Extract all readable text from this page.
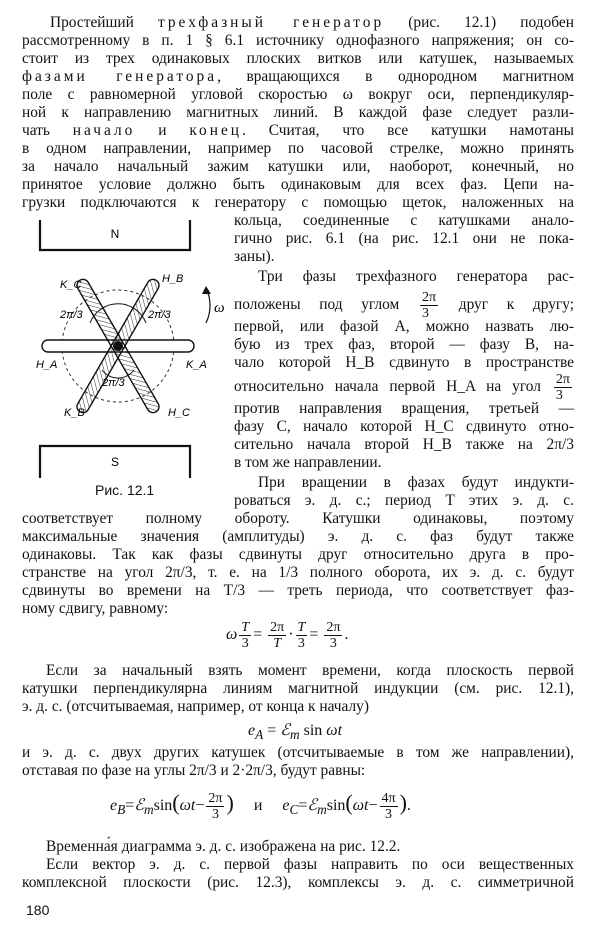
Простейший трехфазный генератор (рис. 12.1) подобен
рассмотренному в п. 1 § 6.1 источнику однофазного напряжения; он со-
стоит из трех одинаковых плоских витков или катушек, называемых
фазами генератора, вращающихся в однородном магнитном
поле с равномерной угловой скоростью ω вокруг оси, перпендикуляр-
ной к направлению магнитных линий. В каждой фазе следует разли-
чать начало и конец. Считая, что все катушки намотаны
в одном направлении, например по часовой стрелке, можно принять
за начало начальный зажим катушки или, наоборот, конечный, но
принятое условие должно быть одинаковым для всех фаз. Цепи на-
грузки подключаются к генератору с помощью щеток, наложенных на
кольца, соединенные с катушками анало-
гично рис. 6.1 (на рис. 12.1 они не пока-
заны).
Три фазы трехфазного генератора рас-
положены под углом $\frac{2\pi}{3}$ друг к другу;
первой, или фазой A, можно назвать лю-
бую из трех фаз, второй — фазу B, на-
чало которой H_B сдвинуто в пространстве
относительно начала первой H_A на угол $\frac{2\pi}{3}$
против направления вращения, третьей —
фазу C, начало которой H_C сдвинуто отно-
сительно начала второй H_B также на 2π/3
в том же направлении.
При вращении в фазах будут индукти-
роваться э. д. с.; период T этих э. д. с.
соответствует полному обороту. Катушки одинаковы, поэтому
максимальные значения (амплитуды) э. д. с. фаз будут также
одинаковы. Так как фазы сдвинуты друг относительно друга в про-
странстве на угол 2π/3, т. е. на 1/3 полного оборота, их э. д. с. будут
сдвинуты во времени на T/3 — треть периода, что соответствует фаз-
ному сдвигу, равному:
ω $\frac{T}{3} = \frac{2\pi}{T} \cdot \frac{T}{3} = \frac{2\pi}{3}$ .
Если за начальный взять момент времени, когда плоскость первой
катушки перпендикулярна линиям магнитной индукции (см. рис. 12.1),
э. д. с. (отсчитываемая, например, от конца к началу)
$e_A$ = ℰ$_m$ sin ωt
и э. д. с. двух других катушек (отсчитываемые в том же направлении),
отставая по фазе на углы 2π/3 и 2·2π/3, будут равны:
$e_B=ℰ_m\sin(\omega t- \frac{2\pi}{3}$ ) и $e_C=ℰ_m\sin(\omega t- \frac{4\pi}{3}$ ).
Временна́я диаграмма э. д. с. изображена на рис. 12.2.
Если вектор э. д. с. первой фазы направить по оси вещественных
комплексной плоскости (рис. 12.3), комплексы э. д. с. симметричной
N
S
2π/3	2π/3
2π/3
K_C	H_B
H_A	K_A
K_B	H_C
ω
Рис. 12.1
180
